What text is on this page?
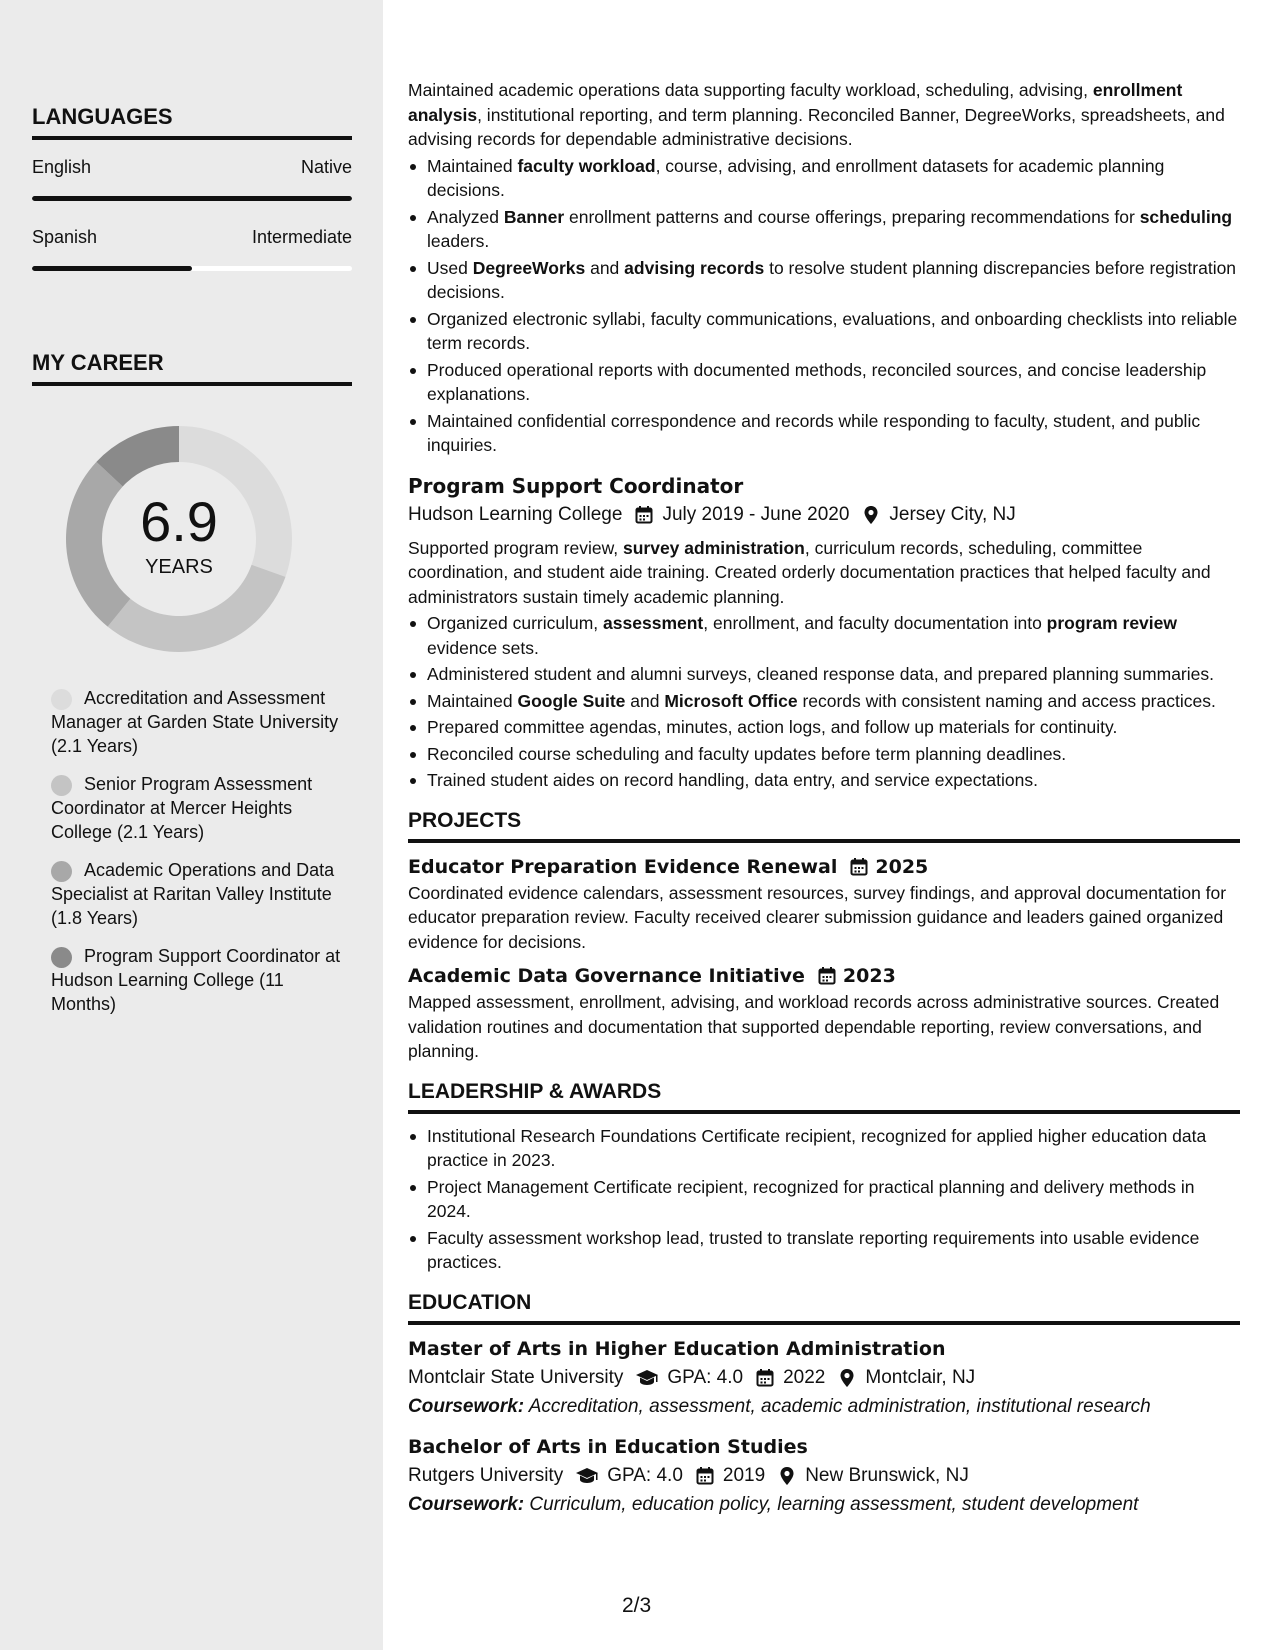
LANGUAGES
English	Native
Spanish	Intermediate
MY CAREER
6.9
YEARS
Accreditation and Assessment Manager at Garden State University (2.1 Years)
Senior Program Assessment Coordinator at Mercer Heights College (2.1 Years)
Academic Operations and Data Specialist at Raritan Valley Institute (1.8 Years)
Program Support Coordinator at Hudson Learning College (11 Months)

Maintained academic operations data supporting faculty workload, scheduling, advising, enrollment analysis, institutional reporting, and term planning. Reconciled Banner, DegreeWorks, spreadsheets, and advising records for dependable administrative decisions.

Maintained faculty workload, course, advising, and enrollment datasets for academic planning decisions.
Analyzed Banner enrollment patterns and course offerings, preparing recommendations for scheduling leaders.
Used DegreeWorks and advising records to resolve student planning discrepancies before registration decisions.
Organized electronic syllabi, faculty communications, evaluations, and onboarding checklists into reliable term records.
Produced operational reports with documented methods, reconciled sources, and concise leadership explanations.
Maintained confidential correspondence and records while responding to faculty, student, and public inquiries.
Program Support Coordinator
Hudson Learning College July 2019 - June 2020 Jersey City, NJ

Supported program review, survey administration, curriculum records, scheduling, committee coordination, and student aide training. Created orderly documentation practices that helped faculty and administrators sustain timely academic planning.

Organized curriculum, assessment, enrollment, and faculty documentation into program review evidence sets.
Administered student and alumni surveys, cleaned response data, and prepared planning summaries.
Maintained Google Suite and Microsoft Office records with consistent naming and access practices.
Prepared committee agendas, minutes, action logs, and follow up materials for continuity.
Reconciled course scheduling and faculty updates before term planning deadlines.
Trained student aides on record handling, data entry, and service expectations.
PROJECTS
Educator Preparation Evidence Renewal 2025

Coordinated evidence calendars, assessment resources, survey findings, and approval documentation for educator preparation review. Faculty received clearer submission guidance and leaders gained organized evidence for decisions.

Academic Data Governance Initiative 2023

Mapped assessment, enrollment, advising, and workload records across administrative sources. Created validation routines and documentation that supported dependable reporting, review conversations, and planning.

LEADERSHIP & AWARDS
Institutional Research Foundations Certificate recipient, recognized for applied higher education data practice in 2023.
Project Management Certificate recipient, recognized for practical planning and delivery methods in 2024.
Faculty assessment workshop lead, trusted to translate reporting requirements into usable evidence practices.
EDUCATION
Master of Arts in Higher Education Administration
Montclair State University GPA: 4.0 2022 Montclair, NJ
Coursework: Accreditation, assessment, academic administration, institutional research
Bachelor of Arts in Education Studies
Rutgers University GPA: 4.0 2019 New Brunswick, NJ
Coursework: Curriculum, education policy, learning assessment, student development
2/3
